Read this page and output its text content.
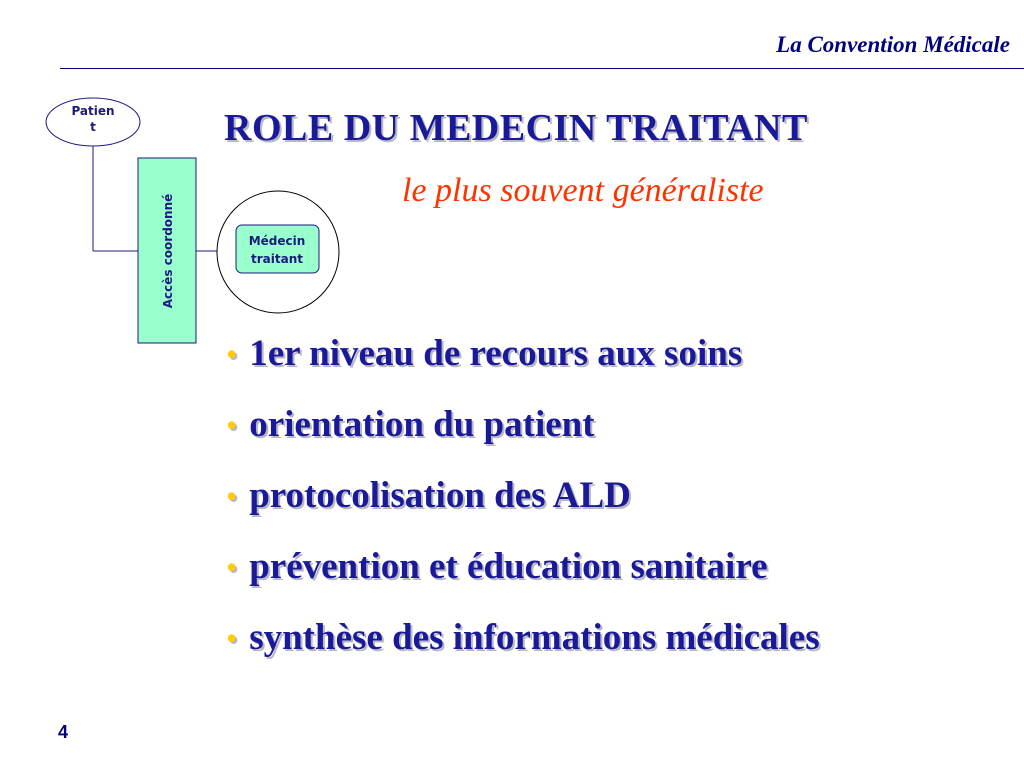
La Convention Médicale
Patien
t
Accès coordonné	Médecin
traitant
ROLE DU MEDECIN TRAITANT
le plus souvent généraliste
• 1er niveau de recours aux soins
• orientation du patient
• protocolisation des ALD
• prévention et éducation sanitaire
• synthèse des informations médicales
4
